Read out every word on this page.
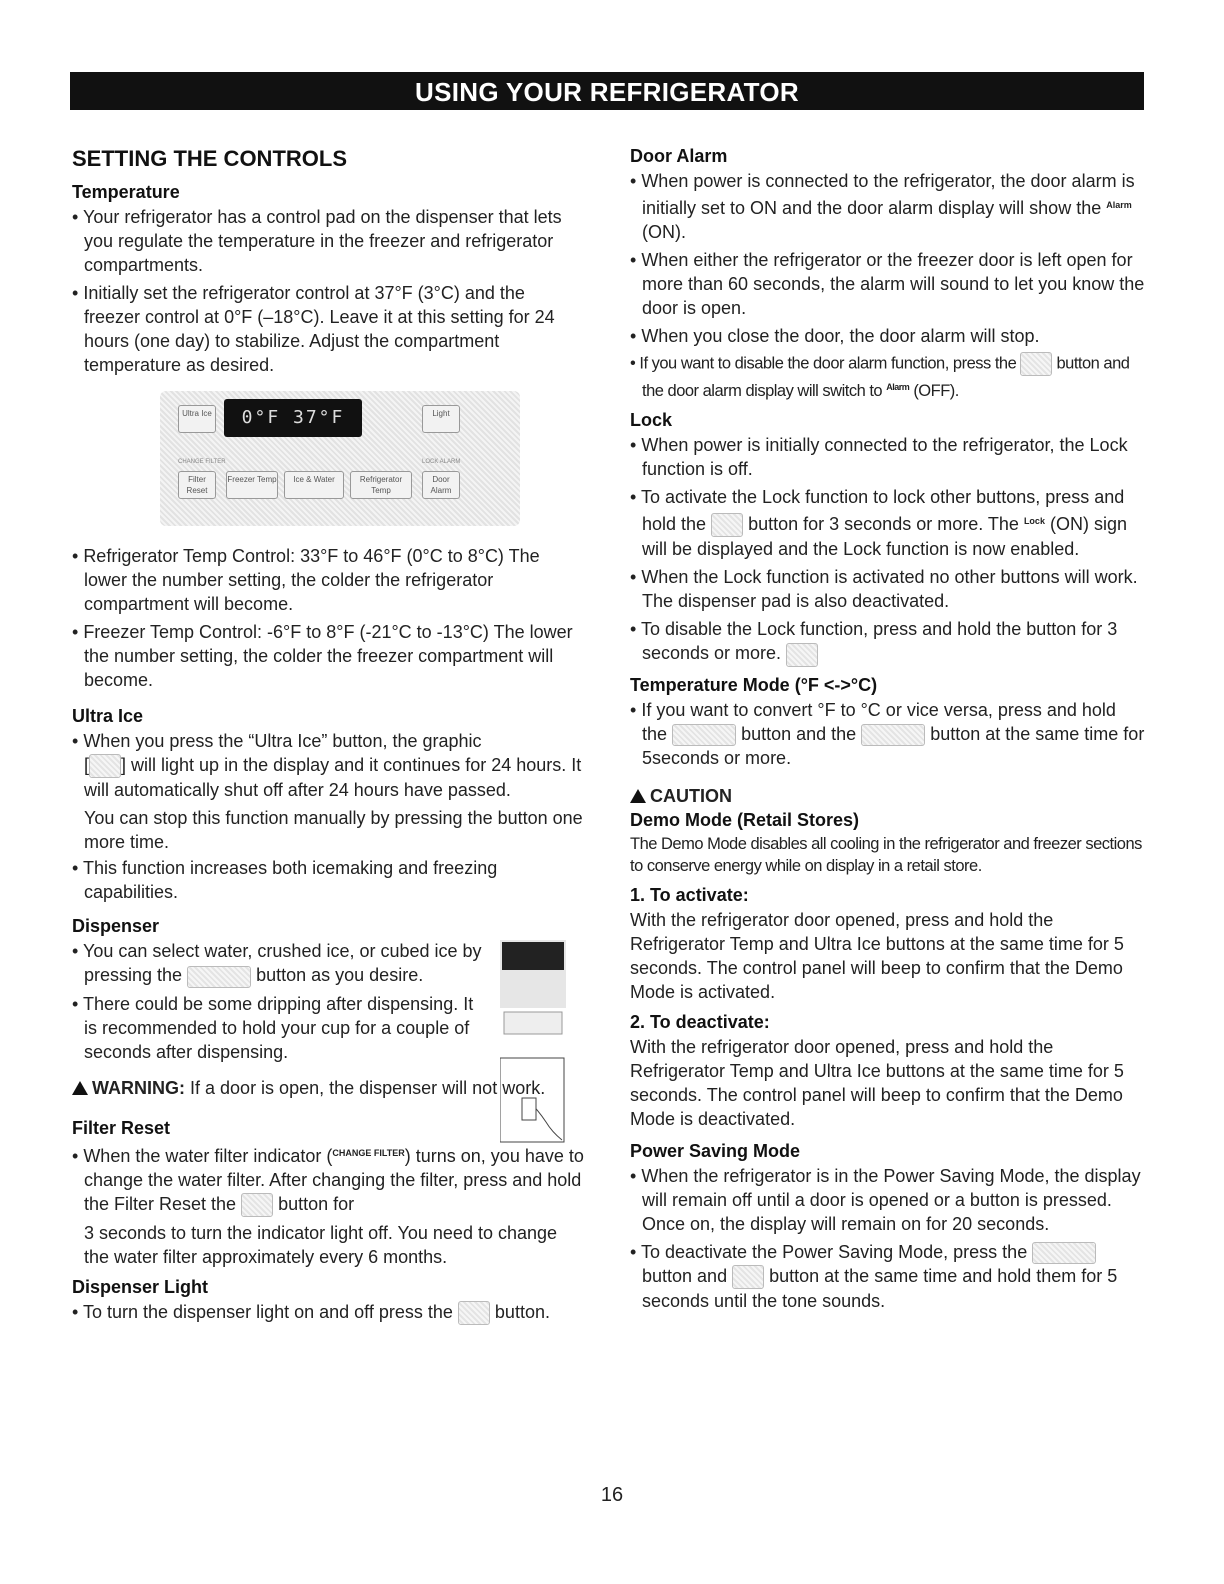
USING YOUR REFRIGERATOR
SETTING THE CONTROLS
Temperature

• Your refrigerator has a control pad on the dispenser that lets you regulate the temperature in the freezer and refrigerator compartments.

• Initially set the refrigerator control at 37°F (3°C) and the freezer control at 0°F (–18°C). Leave it at this setting for 24 hours (one day) to stabilize. Adjust the compartment temperature as desired.

Ultra Ice	0°F 37°F	Light
CHANGE FILTER	LOCK ALARM
Filter Reset
Freezer Temp	Ice & Water	Refrigerator Temp
Door Alarm

• Refrigerator Temp Control: 33°F to 46°F (0°C to 8°C) The lower the number setting, the colder the refrigerator compartment will become.

• Freezer Temp Control: -6°F to 8°F (-21°C to -13°C) The lower the number setting, the colder the freezer compartment will become.

Ultra Ice

• When you press the “Ultra Ice” button, the graphic
[ ] will light up in the display and it continues for 24 hours. It will automatically shut off after 24 hours have passed.

You can stop this function manually by pressing the button one more time.

• This function increases both icemaking and freezing capabilities.

Dispenser

• You can select water, crushed ice, or cubed ice by pressing the	button as you desire.

• There could be some dripping after dispensing. It is recommended to hold your cup for a couple of seconds after dispensing.

WARNING: If a door is open, the dispenser will not work.

Filter Reset

• When the water filter indicator ($^{CHANGE FILTER}$) turns on, you have to change the water filter. After changing the filter, press and hold the Filter Reset the button for

3 seconds to turn the indicator light off. You need to change the water filter approximately every 6 months.

Dispenser Light

• To turn the dispenser light on and off press the button.

Door Alarm

• When power is connected to the refrigerator, the door alarm is initially set to ON and the door alarm display will show the $^{Alarm}$ (ON).

• When either the refrigerator or the freezer door is left open for more than 60 seconds, the alarm will sound to let you know the door is open.

• When you close the door, the door alarm will stop.

• If you want to disable the door alarm function, press the button and the door alarm display will switch to $^{Alarm}$ (OFF).

Lock

• When power is initially connected to the refrigerator, the Lock function is off.

• To activate the Lock function to lock other buttons, press and hold the button for 3 seconds or more. The $^{Lock}$ (ON) sign will be displayed and the Lock function is now enabled.

• When the Lock function is activated no other buttons will work. The dispenser pad is also deactivated.

• To disable the Lock function, press and hold the button for 3 seconds or more.

Temperature Mode (°F <->°C)

• If you want to convert °F to °C or vice versa, press and hold the	button and the	button at the same time for 5seconds or more.

CAUTION

Demo Mode (Retail Stores)

The Demo Mode disables all cooling in the refrigerator and freezer sections to conserve energy while on display in a retail store.

1. To activate:

With the refrigerator door opened, press and hold the Refrigerator Temp and Ultra Ice buttons at the same time for 5 seconds. The control panel will beep to confirm that the Demo Mode is activated.

2. To deactivate:

With the refrigerator door opened, press and hold the Refrigerator Temp and Ultra Ice buttons at the same time for 5 seconds. The control panel will beep to confirm that the Demo Mode is deactivated.

Power Saving Mode

• When the refrigerator is in the Power Saving Mode, the display will remain off until a door is opened or a button is pressed. Once on, the display will remain on for 20 seconds.

• To deactivate the Power Saving Mode, press the  button and button at the same time and hold them for 5 seconds until the tone sounds.

16
